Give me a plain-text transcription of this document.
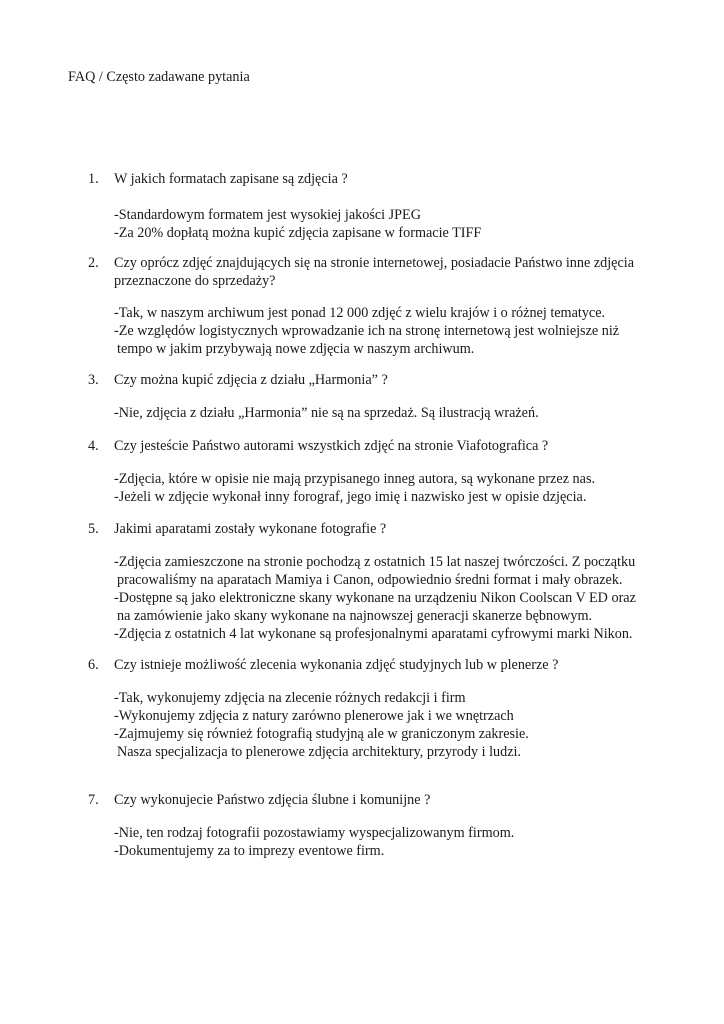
FAQ / Często zadawane pytania
1. W jakich formatach zapisane są zdjęcia ?
-Standardowym formatem jest wysokiej jakości JPEG
-Za 20% dopłatą można kupić zdjęcia zapisane w formacie TIFF
2. Czy oprócz zdjęć znajdujących się na stronie internetowej, posiadacie Państwo inne zdjęcia
przeznaczone do sprzedaży?
-Tak, w naszym archiwum jest ponad 12 000 zdjęć z wielu krajów i o różnej tematyce.
-Ze względów logistycznych wprowadzanie ich na stronę internetową jest wolniejsze niż
tempo w jakim przybywają nowe zdjęcia w naszym archiwum.
3. Czy można kupić zdjęcia z działu „Harmonia” ?
-Nie, zdjęcia z działu „Harmonia” nie są na sprzedaż. Są ilustracją wrażeń.
4. Czy jesteście Państwo autorami wszystkich zdjęć na stronie Viafotografica ?
-Zdjęcia, które w opisie nie mają przypisanego inneg autora, są wykonane przez nas.
-Jeżeli w zdjęcie wykonał inny forograf, jego imię i nazwisko jest w opisie dzjęcia.
5. Jakimi aparatami zostały wykonane fotografie ?
-Zdjęcia zamieszczone na stronie pochodzą z ostatnich 15 lat naszej twórczości. Z początku
pracowaliśmy na aparatach Mamiya i Canon, odpowiednio średni format i mały obrazek.
-Dostępne są jako elektroniczne skany wykonane na urządzeniu Nikon Coolscan V ED oraz
na zamówienie jako skany wykonane na najnowszej generacji skanerze bębnowym.
-Zdjęcia z ostatnich 4 lat wykonane są profesjonalnymi aparatami cyfrowymi marki Nikon.
6. Czy istnieje możliwość zlecenia wykonania zdjęć studyjnych lub w plenerze ?
-Tak, wykonujemy zdjęcia na zlecenie różnych redakcji i firm
-Wykonujemy zdjęcia z natury zarówno plenerowe jak i we wnętrzach
-Zajmujemy się również fotografią studyjną ale w graniczonym zakresie.
Nasza specjalizacja to plenerowe zdjęcia architektury, przyrody i ludzi.
7. Czy wykonujecie Państwo zdjęcia ślubne i komunijne ?
-Nie, ten rodzaj fotografii pozostawiamy wyspecjalizowanym firmom.
-Dokumentujemy za to imprezy eventowe firm.
